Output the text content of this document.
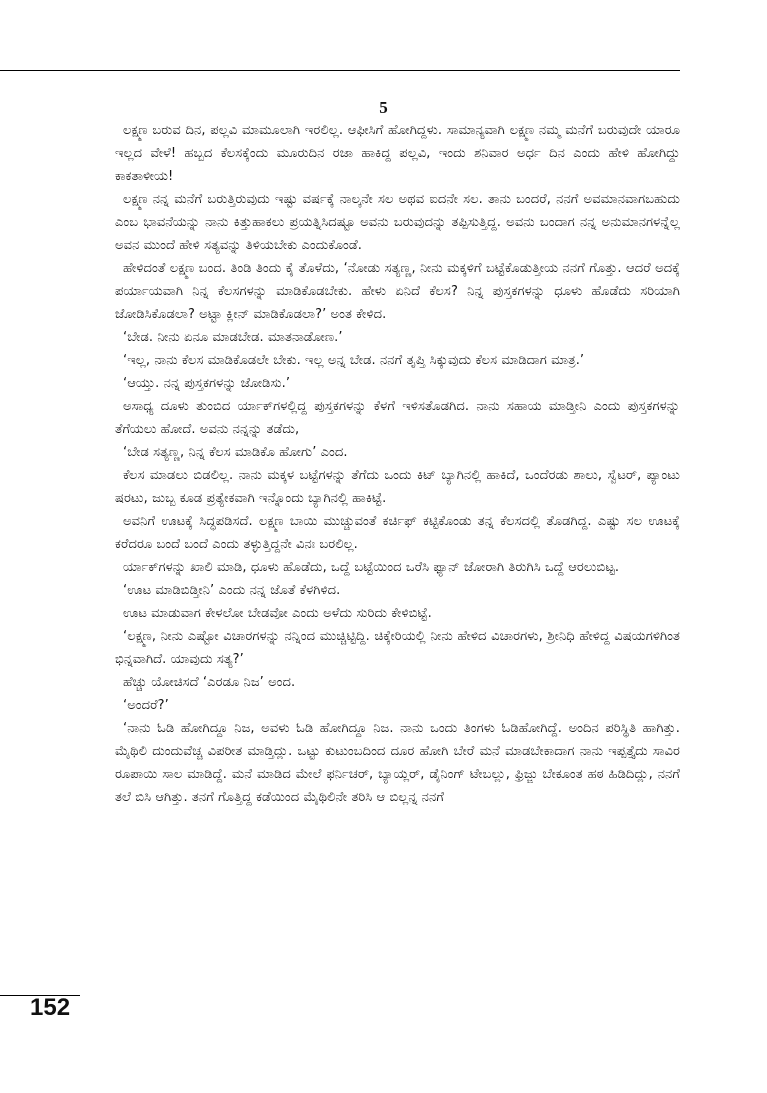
5

ಲಕ್ಷ್ಮಣ ಬರುವ ದಿನ, ಪಲ್ಲವಿ ಮಾಮೂಲಾಗಿ ಇರಲಿಲ್ಲ. ಆಫೀಸಿಗೆ ಹೋಗಿದ್ದಳು. ಸಾಮಾನ್ಯವಾಗಿ ಲಕ್ಷ್ಮಣ ನಮ್ಮ ಮನೆಗೆ ಬರುವುದೇ ಯಾರೂ ಇಲ್ಲದ ವೇಳೆ! ಹಬ್ಬದ ಕೆಲಸಕ್ಕೆಂದು ಮೂರುದಿನ ರಜಾ ಹಾಕಿದ್ದ ಪಲ್ಲವಿ, ಇಂದು ಶನಿವಾರ ಅರ್ಧ ದಿನ ಎಂದು ಹೇಳಿ ಹೋಗಿದ್ದು ಕಾಕತಾಳೀಯ!

ಲಕ್ಷ್ಮಣ ನನ್ನ ಮನೆಗೆ ಬರುತ್ತಿರುವುದು ಇಷ್ಟು ವರ್ಷಕ್ಕೆ ನಾಲ್ಕನೇ ಸಲ ಅಥವ ಐದನೇ ಸಲ. ತಾನು ಬಂದರೆ, ನನಗೆ ಅವಮಾನವಾಗಬಹುದು ಎಂಬ ಭಾವನೆಯನ್ನು ನಾನು ಕಿತ್ತುಹಾಕಲು ಪ್ರಯತ್ನಿಸಿದಷ್ಟೂ ಅವನು ಬರುವುದನ್ನು ತಪ್ಪಿಸುತ್ತಿದ್ದ. ಅವನು ಬಂದಾಗ ನನ್ನ ಅನುಮಾನಗಳನ್ನೆಲ್ಲ ಅವನ ಮುಂದೆ ಹೇಳಿ ಸತ್ಯವನ್ನು ತಿಳಿಯಬೇಕು ಎಂದುಕೊಂಡೆ.

ಹೇಳಿದಂತೆ ಲಕ್ಷ್ಮಣ ಬಂದ. ತಿಂಡಿ ತಿಂದು ಕೈ ತೊಳೆದು, ‘ನೋಡು ಸತ್ಯಣ್ಣ, ನೀನು ಮಕ್ಕಳಿಗೆ ಬಟ್ಟೆಕೊಡುತ್ತೀಯ ನನಗೆ ಗೊತ್ತು. ಆದರೆ ಅದಕ್ಕೆ ಪರ್ಯಾಯವಾಗಿ ನಿನ್ನ ಕೆಲಸಗಳನ್ನು ಮಾಡಿಕೊಡಬೇಕು. ಹೇಳು ಏನಿದೆ ಕೆಲಸ? ನಿನ್ನ ಪುಸ್ತಕಗಳನ್ನು ಧೂಳು ಹೊಡೆದು ಸರಿಯಾಗಿ ಜೋಡಿಸಿಕೊಡಲಾ? ಅಟ್ಟಾ ಕ್ಲೀನ್ ಮಾಡಿಕೊಡಲಾ?’ ಅಂತ ಕೇಳಿದ.

‘ಬೇಡ. ನೀನು ಏನೂ ಮಾಡಬೇಡ. ಮಾತನಾಡೋಣ.’

‘ಇಲ್ಲ, ನಾನು ಕೆಲಸ ಮಾಡಿಕೊಡಲೇ ಬೇಕು. ಇಲ್ಲ ಅನ್ನ ಬೇಡ. ನನಗೆ ತೃಪ್ತಿ ಸಿಕ್ಕುವುದು ಕೆಲಸ ಮಾಡಿದಾಗ ಮಾತ್ರ.’

‘ಆಯ್ತು. ನನ್ನ ಪುಸ್ತಕಗಳನ್ನು ಜೋಡಿಸು.’

ಅಸಾಧ್ಯ ದೂಳು ತುಂಬಿದ ರ್ಯಾಕ್‌ಗಳಲ್ಲಿದ್ದ ಪುಸ್ತಕಗಳನ್ನು ಕೆಳಗೆ ಇಳಿಸತೊಡಗಿದ. ನಾನು ಸಹಾಯ ಮಾಡ್ತೀನಿ ಎಂದು ಪುಸ್ತಕಗಳನ್ನು ತೆಗೆಯಲು ಹೋದೆ. ಅವನು ನನ್ನನ್ನು ತಡೆದು,

‘ಬೇಡ ಸತ್ಯಣ್ಣ, ನಿನ್ನ ಕೆಲಸ ಮಾಡಿಕೊ ಹೋಗು’ ಎಂದ.

ಕೆಲಸ ಮಾಡಲು ಬಿಡಲಿಲ್ಲ. ನಾನು ಮಕ್ಕಳ ಬಟ್ಟೆಗಳನ್ನು ತೆಗೆದು ಒಂದು ಕಿಟ್ ಬ್ಯಾಗಿನಲ್ಲಿ ಹಾಕಿದೆ, ಒಂದೆರಡು ಶಾಲು, ಸ್ವೆಟರ್, ಪ್ಯಾಂಟು ಷರಟು, ಜುಬ್ಬ ಕೂಡ ಪ್ರತ್ಯೇಕವಾಗಿ ಇನ್ನೊಂದು ಬ್ಯಾಗಿನಲ್ಲಿ ಹಾಕಿಟ್ಟೆ.

ಅವನಿಗೆ ಊಟಕ್ಕೆ ಸಿದ್ಧಪಡಿಸದೆ. ಲಕ್ಷ್ಮಣ ಬಾಯಿ ಮುಚ್ಚುವಂತೆ ಕರ್ಚಿಫ್ ಕಟ್ಟಿಕೊಂಡು ತನ್ನ ಕೆಲಸದಲ್ಲಿ ತೊಡಗಿದ್ದ. ಎಷ್ಟು ಸಲ ಊಟಕ್ಕೆ ಕರೆದರೂ ಬಂದೆ ಬಂದೆ ಎಂದು ತಳ್ಳುತ್ತಿದ್ದನೇ ವಿನಃ ಬರಲಿಲ್ಲ.

ರ್ಯಾಕ್‌ಗಳನ್ನು ಖಾಲಿ ಮಾಡಿ, ಧೂಳು ಹೊಡೆದು, ಒದ್ದೆ ಬಟ್ಟೆಯಿಂದ ಒರೆಸಿ ಫ್ಯಾನ್ ಜೋರಾಗಿ ತಿರುಗಿಸಿ ಒದ್ದೆ ಆರಲುಬಿಟ್ಟ.

‘ಊಟ ಮಾಡಿಬಿಡ್ತೀನಿ’ ಎಂದು ನನ್ನ ಜೊತೆ ಕೆಳಗಿಳಿದ.

ಊಟ ಮಾಡುವಾಗ ಕೇಳಲೋ ಬೇಡವೋ ಎಂದು ಅಳೆದು ಸುರಿದು ಕೇಳಿಬಿಟ್ಟೆ.

‘ಲಕ್ಷ್ಮಣ, ನೀನು ಎಷ್ಟೋ ವಿಚಾರಗಳನ್ನು ನನ್ನಿಂದ ಮುಚ್ಚಿಟ್ಟಿದ್ದಿ. ಚಿಕ್ಕೇರಿಯಲ್ಲಿ ನೀನು ಹೇಳಿದ ವಿಚಾರಗಳು, ಶ್ರೀನಿಧಿ ಹೇಳಿದ್ದ ವಿಷಯಗಳಿಗಿಂತ ಭಿನ್ನವಾಗಿದೆ. ಯಾವುದು ಸತ್ಯ?’

ಹೆಚ್ಚು ಯೋಚಿಸದೆ ‘ಎರಡೂ ನಿಜ’ ಅಂದ.

‘ಅಂದರೆ?’

‘ನಾನು ಓಡಿ ಹೋಗಿದ್ದೂ ನಿಜ, ಅವಳು ಓಡಿ ಹೋಗಿದ್ದೂ ನಿಜ. ನಾನು ಒಂದು ತಿಂಗಳು ಓಡಿಹೋಗಿದ್ದೆ. ಅಂದಿನ ಪರಿಸ್ಥಿತಿ ಹಾಗಿತ್ತು. ಮೈಥಿಲಿ ದುಂದುವೆಚ್ಚ ವಿಪರೀತ ಮಾಡ್ತಿದ್ಲು. ಒಟ್ಟು ಕುಟುಂಬದಿಂದ ದೂರ ಹೋಗಿ ಬೇರೆ ಮನೆ ಮಾಡಬೇಕಾದಾಗ ನಾನು ಇಪ್ಪತ್ತೈದು ಸಾವಿರ ರೂಪಾಯಿ ಸಾಲ ಮಾಡಿದ್ದೆ. ಮನೆ ಮಾಡಿದ ಮೇಲೆ ಫರ್ನಿಚರ್, ಬ್ಯಾಯ್ಲರ್, ಡೈನಿಂಗ್ ಟೇಬಲ್ಲು, ಫ್ರಿಜ್ಜು ಬೇಕೂಂತ ಹಠ ಹಿಡಿದಿದ್ಲು, ನನಗೆ ತಲೆ ಬಿಸಿ ಆಗಿತ್ತು. ತನಗೆ ಗೊತ್ತಿದ್ದ ಕಡೆಯಿಂದ ಮೈಥಿಲಿನೇ ತರಿಸಿ ಆ ಬಿಲ್ಲನ್ನ ನನಗೆ

152
